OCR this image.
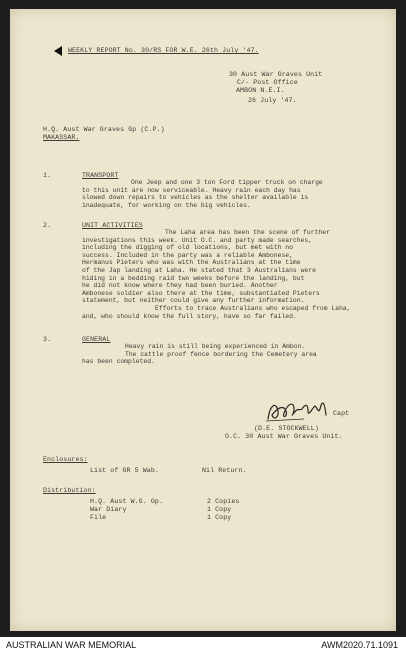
WEEKLY REPORT No. 30/RS FOR W.E. 26th July '47.
30 Aust War Graves Unit
C/- Post Office
AMBON N.E.I.
26 July '47.
H.Q. Aust War Graves Gp (C.P.)
MAKASSAR.
1.	TRANSPORT
One Jeep and one 3 ton Ford tipper truck on charge
to this unit are now serviceable. Heavy rain each day has
slowed down repairs to vehicles as the shelter available is
inadequate, for working on the big vehicles.
2.	UNIT ACTIVITIES
The Laha area has been the scene of further
investigations this week. Unit O.C. and party made searches,
including the digging of old locations, but met with no
success. Included in the party was a reliable Ambonese,
Hermanus Pieters who was with the Australians at the time
of the Jap landing at Laha. He stated that 3 Australians were
hiding in a bedding raid two weeks before the landing, but
he did not know where they had been buried. Another
Ambonese soldier also there at the time, substantiated Pieters
statement, but neither could give any further information.
Efforts to trace Australians who escaped from Laha,
and, who should know the full story, have so far failed.
3.	GENERAL
Heavy rain is still being experienced in Ambon.
The cattle proof fence bordering the Cemetery area
has been completed.
Capt
(D.E. STOCKWELL)
O.C. 30 Aust War Graves Unit.
Enclosures:
List of GR 5 Wab.	Nil Return.
Distribution:
H.Q. Aust W.G. Gp.	2 Copies
War Diary	1 Copy
File	1 Copy
AUSTRALIAN WAR MEMORIAL	AWM2020.71.1091
